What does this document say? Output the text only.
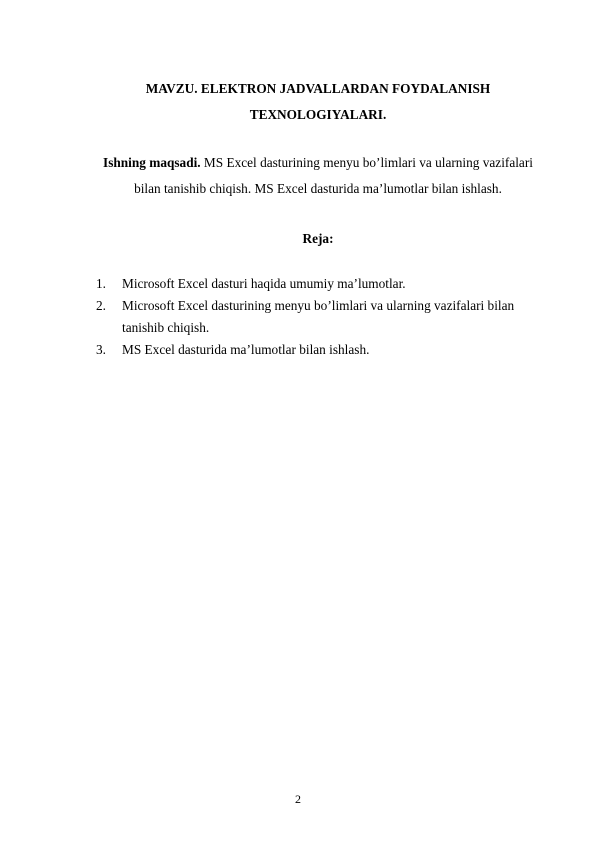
MAVZU. ELEKTRON JADVALLARDAN FOYDALANISH
TEXNOLOGIYALARI.
Ishning maqsadi. MS Excel dasturining menyu bo’limlari va ularning vazifalari
bilan tanishib chiqish. MS Excel dasturida ma’lumotlar bilan ishlash.
Reja:
1. Microsoft Excel dasturi haqida umumiy ma’lumotlar.
2. Microsoft Excel dasturining menyu bo’limlari va ularning vazifalari bilan tanishib chiqish.
3. MS Excel dasturida ma’lumotlar bilan ishlash.
2
